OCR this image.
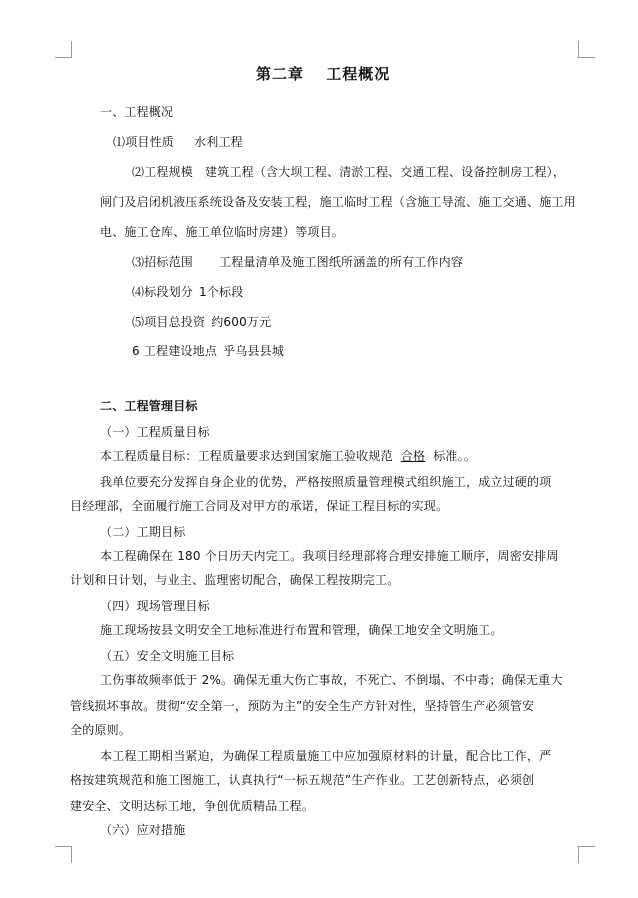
第二章　 工程概况
一、工程概况
⑴项目性质 水利工程
⑵工程规模 建筑工程（含大坝工程、清淤工程、交通工程、设备控制房工程），
闸门及启闭机液压系统设备及安装工程，施工临时工程（含施工导流、施工交通、施工用
电、施工仓库、施工单位临时房建）等项目。
⑶招标范围 工程量清单及施工图纸所涵盖的所有工作内容
⑷标段划分 1个标段
⑸项目总投资 约600万元
6 工程建设地点 乎乌县县城
二、工程管理目标
（一）工程质量目标
本工程质量目标：工程质量要求达到国家施工验收规范 合格 标准。。
我单位要充分发挥自身企业的优势，严格按照质量管理模式组织施工，成立过硬的项
目经理部，全面履行施工合同及对甲方的承诺，保证工程目标的实现。
（二）工期目标
本工程确保在 180 个日历天内完工。我项目经理部将合理安排施工顺序，周密安排周
计划和日计划，与业主、监理密切配合，确保工程按期完工。
（四）现场管理目标
施工现场按县文明安全工地标准进行布置和管理，确保工地安全文明施工。
（五）安全文明施工目标
工伤事故频率低于 2%。确保无重大伤亡事故，不死亡、不倒塌、不中毒；确保无重大
管线损坏事故。贯彻“安全第一，预防为主”的安全生产方针对性，坚持管生产必须管安
全的原则。
本工程工期相当紧迫，为确保工程质量施工中应加强原材料的计量，配合比工作，严
格按建筑规范和施工图施工，认真执行“一标五规范”生产作业。工艺创新特点，必须创
建安全、文明达标工地，争创优质精品工程。
（六）应对措施
